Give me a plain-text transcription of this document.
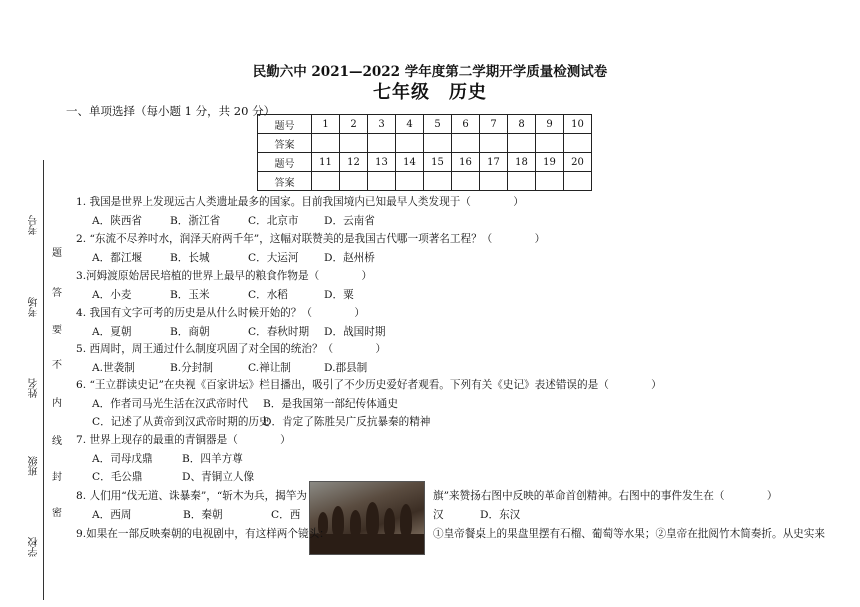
民勤六中 2021—2022 学年度第二学期开学质量检测试卷
七年级　历史
一、单项选择（每小题 1 分，共 20 分）
题号	1	2	3	4	5	6	7	8	9	10
答案										
题号	11	12	13	14	15	16	17	18	19	20
答案										
考号
考场
姓名
班级
学校
题
答
要
不
内
线
封
密
1. 我国是世界上发现远古人类遗址最多的国家。目前我国境内已知最早人类发现于（　　　　）
A．陕西省	B．浙江省	C．北京市 D．云南省
2. “东流不尽养吋水，润泽天府两千年”，这幅对联赞美的是我国古代哪一项著名工程？（　　　　）
A．都江堰	B．长城	C．大运河 D．赵州桥
3.河姆渡原始居民培植的世界上最早的粮食作物是（　　　　）
A．小麦	B．玉米	C．水稻	D．粟
4. 我国有文字可考的历史是从什么时候开始的？（　　　　）
A．夏朝	B．商朝	C．春秋时期 D．战国时期
5. 西周时，周王通过什么制度巩固了对全国的统治？（　　　　）
A.世袭制	B.分封制	C.禅让制	D.郡县制
6. “王立群读史记”在央视《百家讲坛》栏目播出，吸引了不少历史爱好者观看。下列有关《史记》表述错误的是（　　　　）
A．作者司马光生活在汉武帝时代 B．是我国第一部纪传体通史
C．记述了从黄帝到汉武帝时期的历史
D．肯定了陈胜吴广反抗暴秦的精神
7. 世界上现存的最重的青铜器是（　　　　）
A．司母戊鼎	B．四羊方尊
C．毛公鼎	D、青铜立人像
8. 人们用“伐无道、诛暴秦”，“斩木为兵，揭竿为	旗”来赞扬右图中反映的革命首创精神。右图中的事件发生在（　　　　）
A．西周	B．秦朝	C．西	汉	D．东汉
9.如果在一部反映秦朝的电视剧中，有这样两个镜头：	①皇帝餐桌上的果盘里摆有石榴、葡萄等水果；②皇帝在批阅竹木简奏折。从史实来
